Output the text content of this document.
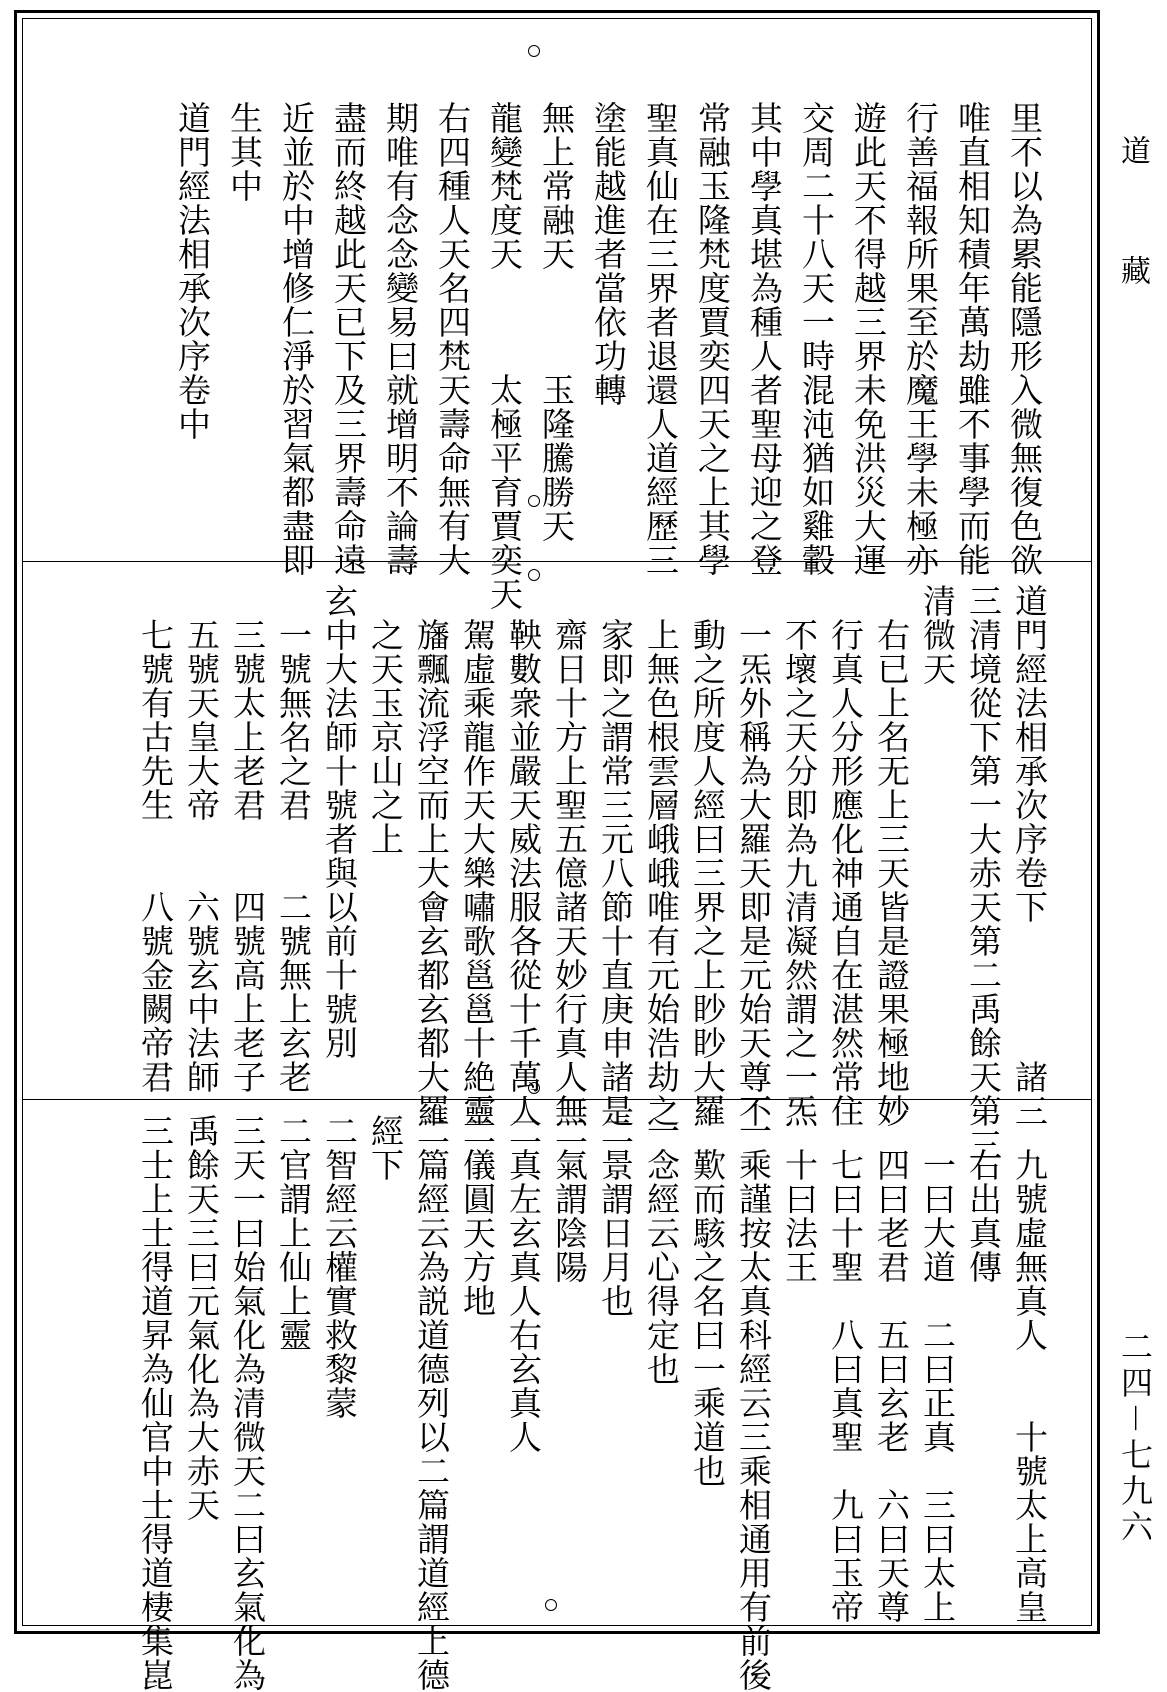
道
藏
二四－七九六
里不以為累能隱形入微無復色欲
唯直相知積年萬劫雖不事學而能
行善福報所果至於魔王學未極亦
遊此天不得越三界未免洪災大運
交周二十八天一時混沌猶如雞轂
其中學真堪為種人者聖母迎之登
常融玉隆梵度賈奕四天之上其學
聖真仙在三界者退還人道經歷三
塗能越進者當依功轉
無上常融天　　　玉隆騰勝天
龍變梵度天　　　太極平育賈奕天
右四種人天名四梵天壽命無有大
期唯有念念變易曰就增明不論壽
盡而終越此天已下及三界壽命遠
近並於中增修仁淨於習氣都盡即
生其中
道門經法相承次序卷中
道門經法相承次序卷下　　　　諸三
三清境從下第一大赤天第二禹餘天第三
清微天
　右已上名无上三天皆是證果極地妙
　行真人分形應化神通自在湛然常住
　不壞之天分即為九清凝然謂之一炁
　一炁外稱為大羅天即是元始天尊不
　動之所度人經曰三界之上眇眇大羅
　上無色根雲層峨峨唯有元始浩劫之
　家即之謂常三元八節十直庚申諸是
　齋日十方上聖五億諸天妙行真人無
　鞅數衆並嚴天威法服各從十千萬人
　駕虛乘龍作天大樂嘯歌邕邕十絶靈
　旛飄流浮空而上大會玄都玄都大羅
　之天玉京山之上
玄中大法師十號者與以前十號別
　一號無名之君　　二號無上玄老
　三號太上老君　　四號高上老子
　五號天皇大帝　　六號玄中法師
　七號有古先生　　八號金闕帝君
　九號虛無真人　　十號太上高皇
　右出真傳
　一曰大道　二曰正真　三曰太上
　四曰老君　五曰玄老　六曰天尊
　七曰十聖　八曰真聖　九曰玉帝
　十曰法王
一乘謹按太真科經云三乘相通用有前後
　歎而駭之名曰一乘道也
一念經云心得定也
二景謂日月也
二氣謂陰陽
二真左玄真人右玄真人
二儀圓天方地
二篇經云為説道德列以二篇謂道經上德
經下
二智經云權實救黎蒙
二官謂上仙上靈
三天一曰始氣化為清微天二曰玄氣化為
禹餘天三曰元氣化為大赤天
三士上士得道昇為仙官中士得道棲集崑
